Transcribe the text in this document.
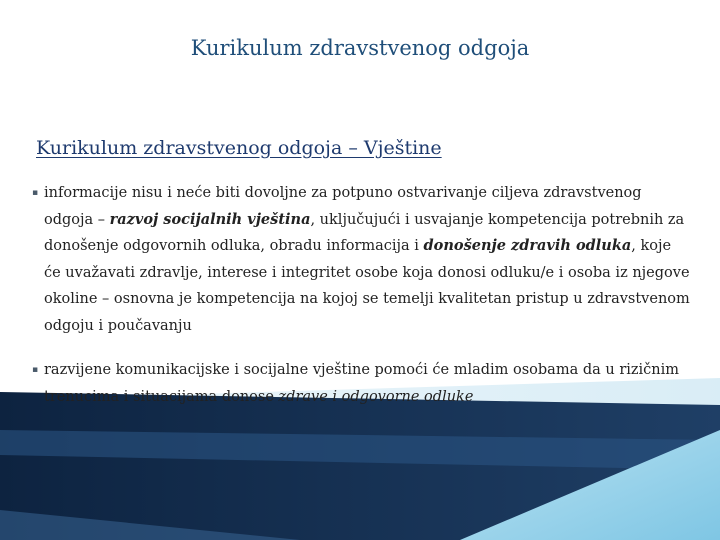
Kurikulum zdravstvenog odgoja
Kurikulum zdravstvenog odgoja – Vještine
▪ informacije nisu i neće biti dovoljne za potpuno ostvarivanje ciljeva zdravstvenog odgoja – razvoj socijalnih vještina, uključujući i usvajanje kompetencija potrebnih za donošenje odgovornih odluka, obradu informacija i donošenje zdravih odluka, koje će uvažavati zdravlje, interese i integritet osobe koja donosi odluku/e i osoba iz njegove okoline – osnovna je kompetencija na kojoj se temelji kvalitetan pristup u zdravstvenom odgoju i poučavanju
▪ razvijene komunikacijske i socijalne vještine pomoći će mladim osobama da u rizičnim trenucima i situacijama donose zdrave i odgovorne odluke
